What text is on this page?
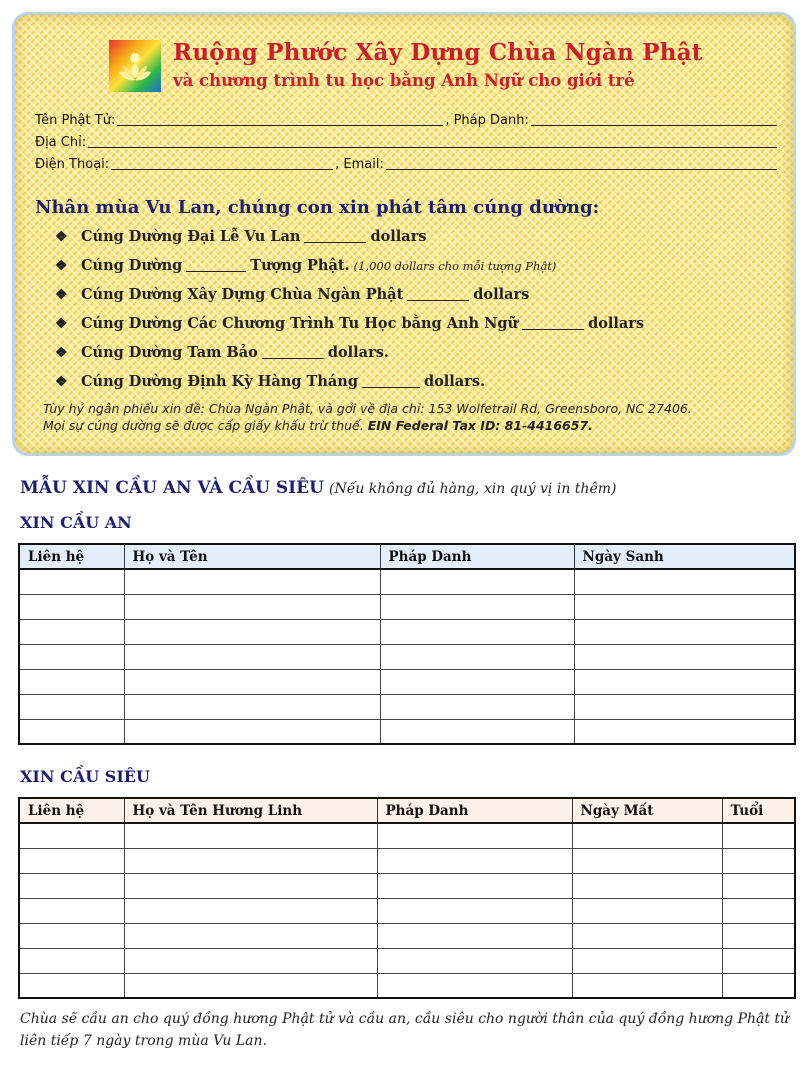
Ruộng Phước Xây Dựng Chùa Ngàn Phật
và chương trình tu học bằng Anh Ngữ cho giới trẻ
Tên Phật Tử:	, Pháp Danh:
Địa Chỉ:
Điện Thoại:	, Email:
Nhân mùa Vu Lan, chúng con xin phát tâm cúng dường:
❖ Cúng Dường Đại Lễ Vu Lan	dollars
❖ Cúng Dường	Tượng Phật. (1,000 dollars cho mỗi tượng Phật)
❖ Cúng Dường Xây Dựng Chùa Ngàn Phật	dollars
❖ Cúng Dường Các Chương Trình Tu Học bằng Anh Ngữ	dollars
❖ Cúng Dường Tam Bảo	dollars.
❖ Cúng Dường Định Kỳ Hàng Tháng	dollars.
Tùy hỷ ngân phiếu xin đề: Chùa Ngàn Phật, và gởi về địa chỉ: 153 Wolfetrail Rd, Greensboro, NC 27406.
Mọi sự cúng dường sẽ được cấp giấy khấu trừ thuế. EIN Federal Tax ID: 81-4416657.
MẪU XIN CẦU AN VÀ CẦU SIÊU (Nếu không đủ hàng, xin quý vị in thêm)
XIN CẦU AN
Liên hệ	Họ và Tên	Pháp Danh	Ngày Sanh

XIN CẦU SIÊU
Liên hệ	Họ và Tên Hương Linh	Pháp Danh	Ngày Mất	Tuổi

Chùa sẽ cầu an cho quý đồng hương Phật tử và cầu an, cầu siêu cho người thân của quý đồng hương Phật tử liên tiếp 7 ngày trong mùa Vu Lan.
